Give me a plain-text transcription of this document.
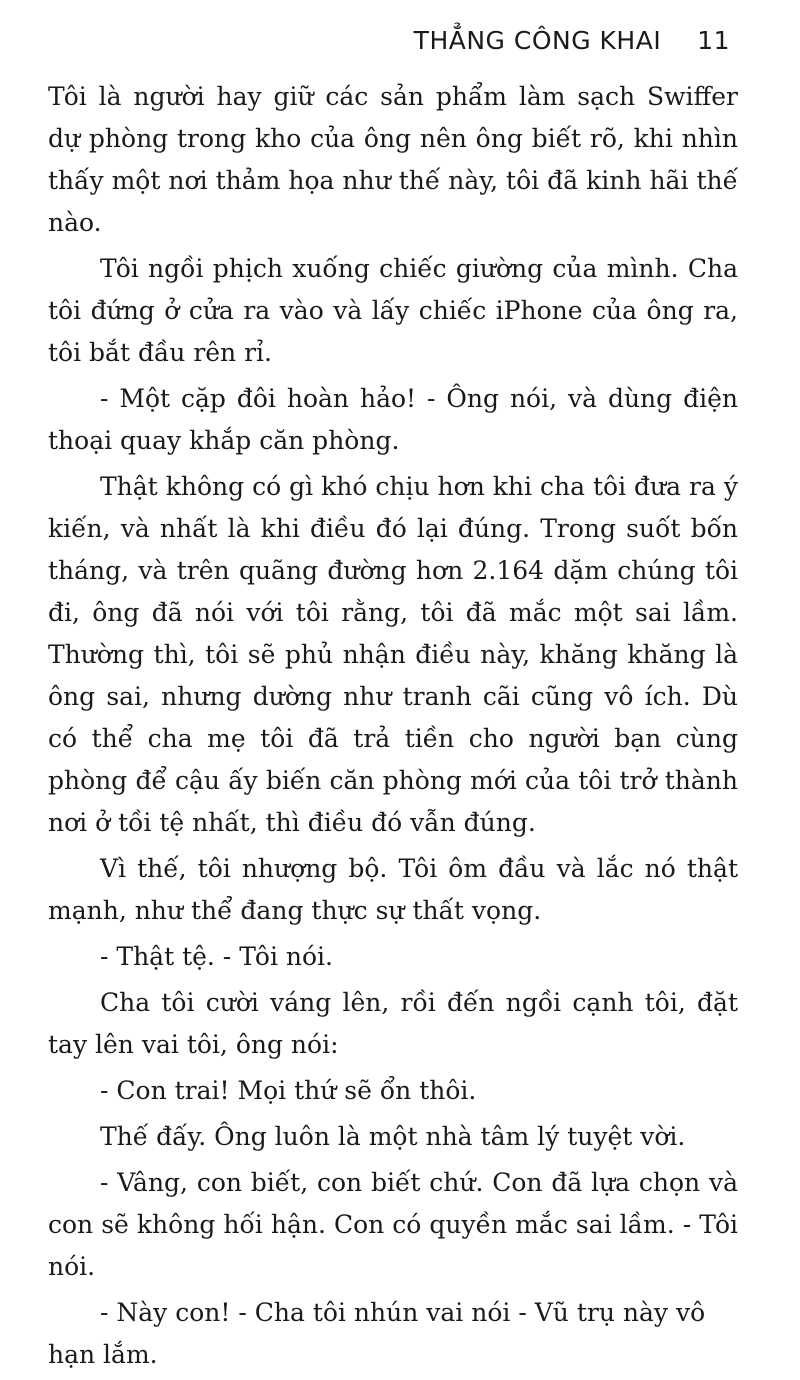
THẲNG CÔNG KHAI 11

Tôi là người hay giữ các sản phẩm làm sạch Swiffer dự phòng trong kho của ông nên ông biết rõ, khi nhìn thấy một nơi thảm họa như thế này, tôi đã kinh hãi thế nào.

Tôi ngồi phịch xuống chiếc giường của mình. Cha tôi đứng ở cửa ra vào và lấy chiếc iPhone của ông ra, tôi bắt đầu rên rỉ.

- Một cặp đôi hoàn hảo! - Ông nói, và dùng điện thoại quay khắp căn phòng.

Thật không có gì khó chịu hơn khi cha tôi đưa ra ý kiến, và nhất là khi điều đó lại đúng. Trong suốt bốn tháng, và trên quãng đường hơn 2.164 dặm chúng tôi đi, ông đã nói với tôi rằng, tôi đã mắc một sai lầm. Thường thì, tôi sẽ phủ nhận điều này, khăng khăng là ông sai, nhưng dường như tranh cãi cũng vô ích. Dù có thể cha mẹ tôi đã trả tiền cho người bạn cùng phòng để cậu ấy biến căn phòng mới của tôi trở thành nơi ở tồi tệ nhất, thì điều đó vẫn đúng.

Vì thế, tôi nhượng bộ. Tôi ôm đầu và lắc nó thật mạnh, như thể đang thực sự thất vọng.

- Thật tệ. - Tôi nói.

Cha tôi cười váng lên, rồi đến ngồi cạnh tôi, đặt tay lên vai tôi, ông nói:

- Con trai! Mọi thứ sẽ ổn thôi.

Thế đấy. Ông luôn là một nhà tâm lý tuyệt vời.

- Vâng, con biết, con biết chứ. Con đã lựa chọn và con sẽ không hối hận. Con có quyền mắc sai lầm. - Tôi nói.

- Này con! - Cha tôi nhún vai nói - Vũ trụ này vô hạn lắm.
